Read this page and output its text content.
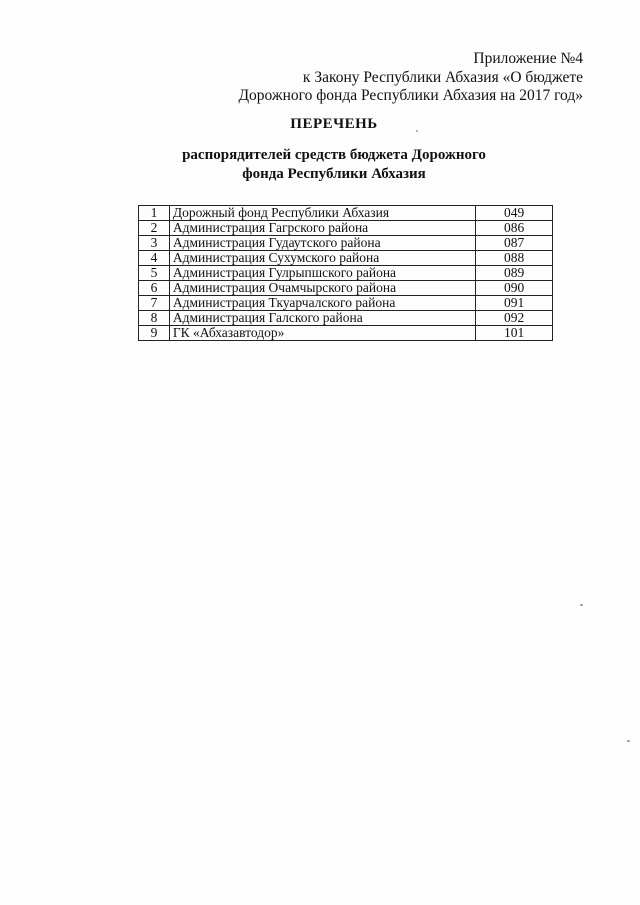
Приложение №4
к Закону Республики Абхазия «О бюджете
Дорожного фонда Республики Абхазия на 2017 год»
ПЕРЕЧЕНЬ
распорядителей средств бюджета Дорожного
фонда Республики Абхазия
1	Дорожный фонд Республики Абхазия	049
2	Администрация Гагрского района	086
3	Администрация Гудаутского района	087
4	Администрация Сухумского района	088
5	Администрация Гулрыпшского района	089
6	Администрация Очамчырского района	090
7	Администрация Ткуарчалского района	091
8	Администрация Галского района	092
9	ГК «Абхазавтодор»	101
